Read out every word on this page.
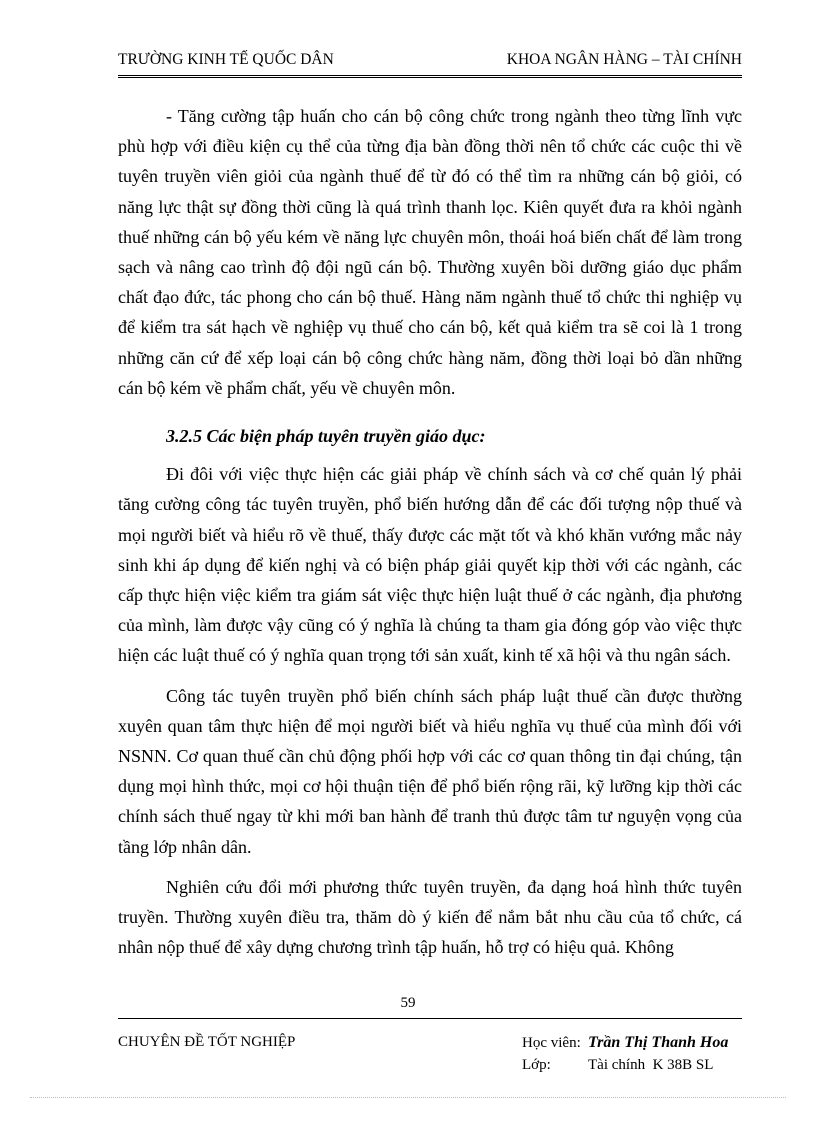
TRƯỜNG KINH TẾ QUỐC DÂN	KHOA NGÂN HÀNG – TÀI CHÍNH

- Tăng cường tập huấn cho cán bộ công chức trong ngành theo từng lĩnh vực phù hợp với điều kiện cụ thể của từng địa bàn đồng thời nên tổ chức các cuộc thi về tuyên truyền viên giỏi của ngành thuế để từ đó có thể tìm ra những cán bộ giỏi, có năng lực thật sự đồng thời cũng là quá trình thanh lọc. Kiên quyết đưa ra khỏi ngành thuế những cán bộ yếu kém về năng lực chuyên môn, thoái hoá biến chất để làm trong sạch và nâng cao trình độ đội ngũ cán bộ. Thường xuyên bồi dưỡng giáo dục phẩm chất đạo đức, tác phong cho cán bộ thuế. Hàng năm ngành thuế tổ chức thi nghiệp vụ để kiểm tra sát hạch về nghiệp vụ thuế cho cán bộ, kết quả kiểm tra sẽ coi là 1 trong những căn cứ để xếp loại cán bộ công chức hàng năm, đồng thời loại bỏ dần những cán bộ kém về phẩm chất, yếu về chuyên môn.

3.2.5 Các biện pháp tuyên truyền giáo dục:

Đi đôi với việc thực hiện các giải pháp về chính sách và cơ chế quản lý phải tăng cường công tác tuyên truyền, phổ biến hướng dẫn để các đối tượng nộp thuế và mọi người biết và hiểu rõ về thuế, thấy được các mặt tốt và khó khăn vướng mắc nảy sinh khi áp dụng để kiến nghị và có biện pháp giải quyết kịp thời với các ngành, các cấp thực hiện việc kiểm tra giám sát việc thực hiện luật thuế ở các ngành, địa phương của mình, làm được vậy cũng có ý nghĩa là chúng ta tham gia đóng góp vào việc thực hiện các luật thuế có ý nghĩa quan trọng tới sản xuất, kinh tế xã hội và thu ngân sách.

Công tác tuyên truyền phổ biến chính sách pháp luật thuế cần được thường xuyên quan tâm thực hiện để mọi người biết và hiểu nghĩa vụ thuế của mình đối với NSNN. Cơ quan thuế cần chủ động phối hợp với các cơ quan thông tin đại chúng, tận dụng mọi hình thức, mọi cơ hội thuận tiện để phổ biến rộng rãi, kỹ lưỡng kịp thời các chính sách thuế ngay từ khi mới ban hành để tranh thủ được tâm tư nguyện vọng của tầng lớp nhân dân.

Nghiên cứu đổi mới phương thức tuyên truyền, đa dạng hoá hình thức tuyên truyền. Thường xuyên điều tra, thăm dò ý kiến để nắm bắt nhu cầu của tổ chức, cá nhân nộp thuế để xây dựng chương trình tập huấn, hỗ trợ có hiệu quả. Không

59
CHUYÊN ĐỀ TỐT NGHIỆP	Học viên: Trần Thị Thanh Hoa
Lớp:	Tài chính  K 38B SL
